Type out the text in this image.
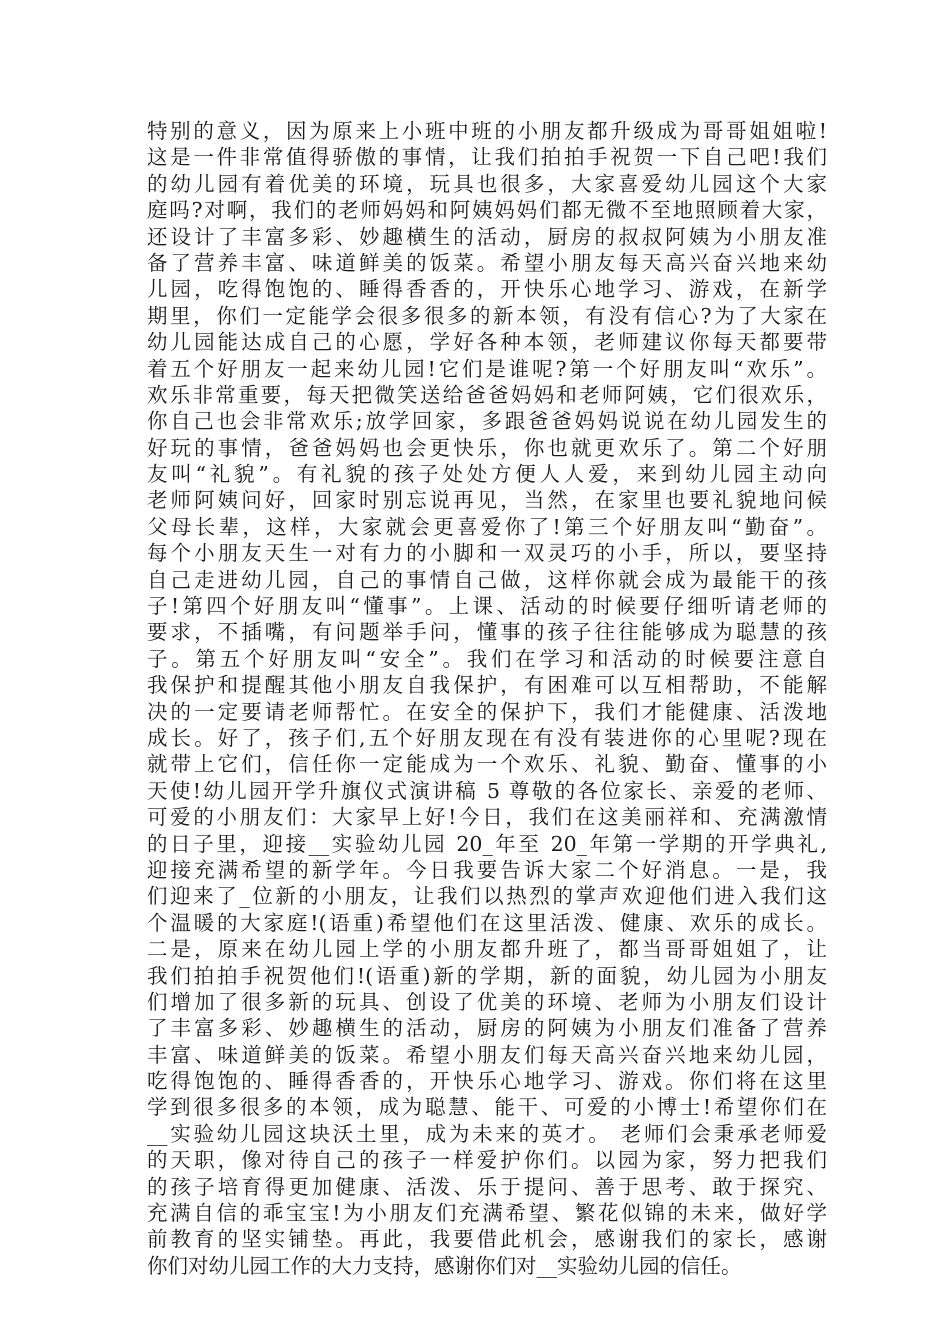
特别的意义，因为原来上小班中班的小朋友都升级成为哥哥姐姐啦!
这是一件非常值得骄傲的事情，让我们拍拍手祝贺一下自己吧!我们
的幼儿园有着优美的环境，玩具也很多，大家喜爱幼儿园这个大家
庭吗?对啊，我们的老师妈妈和阿姨妈妈们都无微不至地照顾着大家，
还设计了丰富多彩、妙趣横生的活动，厨房的叔叔阿姨为小朋友准
备了营养丰富、味道鲜美的饭菜。希望小朋友每天高兴奋兴地来幼
儿园，吃得饱饱的、睡得香香的，开快乐心地学习、游戏，在新学
期里，你们一定能学会很多很多的新本领，有没有信心?为了大家在
幼儿园能达成自己的心愿，学好各种本领，老师建议你每天都要带
着五个好朋友一起来幼儿园!它们是谁呢?第一个好朋友叫“欢乐”。
欢乐非常重要，每天把微笑送给爸爸妈妈和老师阿姨，它们很欢乐，
你自己也会非常欢乐;放学回家，多跟爸爸妈妈说说在幼儿园发生的
好玩的事情，爸爸妈妈也会更快乐，你也就更欢乐了。第二个好朋
友叫“礼貌”。有礼貌的孩子处处方便人人爱，来到幼儿园主动向
老师阿姨问好，回家时别忘说再见，当然，在家里也要礼貌地问候
父母长辈，这样，大家就会更喜爱你了!第三个好朋友叫“勤奋”。
每个小朋友天生一对有力的小脚和一双灵巧的小手，所以，要坚持
自己走进幼儿园，自己的事情自己做，这样你就会成为最能干的孩
子!第四个好朋友叫“懂事”。上课、活动的时候要仔细听请老师的
要求，不插嘴，有问题举手问，懂事的孩子往往能够成为聪慧的孩
子。第五个好朋友叫“安全”。我们在学习和活动的时候要注意自
我保护和提醒其他小朋友自我保护，有困难可以互相帮助，不能解
决的一定要请老师帮忙。在安全的保护下，我们才能健康、活泼地
成长。好了，孩子们,五个好朋友现在有没有装进你的心里呢?现在
就带上它们，信任你一定能成为一个欢乐、礼貌、勤奋、懂事的小
天使!幼儿园开学升旗仪式演讲稿 5 尊敬的各位家长、亲爱的老师、
可爱的小朋友们：大家早上好!今日，我们在这美丽祥和、充满激情
的日子里，迎接__实验幼儿园 20_年至 20_年第一学期的开学典礼,
迎接充满希望的新学年。今日我要告诉大家二个好消息。一是，我
们迎来了_位新的小朋友，让我们以热烈的掌声欢迎他们进入我们这
个温暖的大家庭!(语重)希望他们在这里活泼、健康、欢乐的成长。
二是，原来在幼儿园上学的小朋友都升班了，都当哥哥姐姐了，让
我们拍拍手祝贺他们!(语重)新的学期，新的面貌，幼儿园为小朋友
们增加了很多新的玩具、创设了优美的环境、老师为小朋友们设计
了丰富多彩、妙趣横生的活动，厨房的阿姨为小朋友们准备了营养
丰富、味道鲜美的饭菜。希望小朋友们每天高兴奋兴地来幼儿园，
吃得饱饱的、睡得香香的，开快乐心地学习、游戏。你们将在这里
学到很多很多的本领，成为聪慧、能干、可爱的小博士!希望你们在
__实验幼儿园这块沃土里，成为未来的英才。 老师们会秉承老师爱
的天职，像对待自己的孩子一样爱护你们。以园为家，努力把我们
的孩子培育得更加健康、活泼、乐于提问、善于思考、敢于探究、
充满自信的乖宝宝!为小朋友们充满希望、繁花似锦的未来，做好学
前教育的坚实铺垫。再此，我要借此机会，感谢我们的家长，感谢
你们对幼儿园工作的大力支持，感谢你们对__实验幼儿园的信任。
